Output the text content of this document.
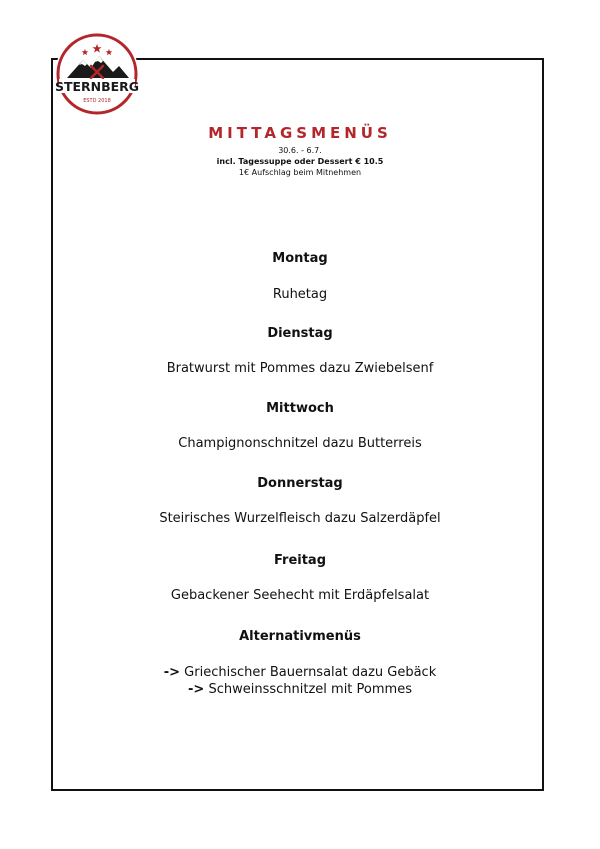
STERNBERG
ESTD 2018
MITTAGSMENÜS
30.6. - 6.7.
incl. Tagessuppe oder Dessert € 10.5
1€ Aufschlag beim Mitnehmen
Montag
Ruhetag
Dienstag
Bratwurst mit Pommes dazu Zwiebelsenf
Mittwoch
Champignonschnitzel dazu Butterreis
Donnerstag
Steirisches Wurzelfleisch dazu Salzerdäpfel
Freitag
Gebackener Seehecht mit Erdäpfelsalat
Alternativmenüs
-> Griechischer Bauernsalat dazu Gebäck
-> Schweinsschnitzel mit Pommes
